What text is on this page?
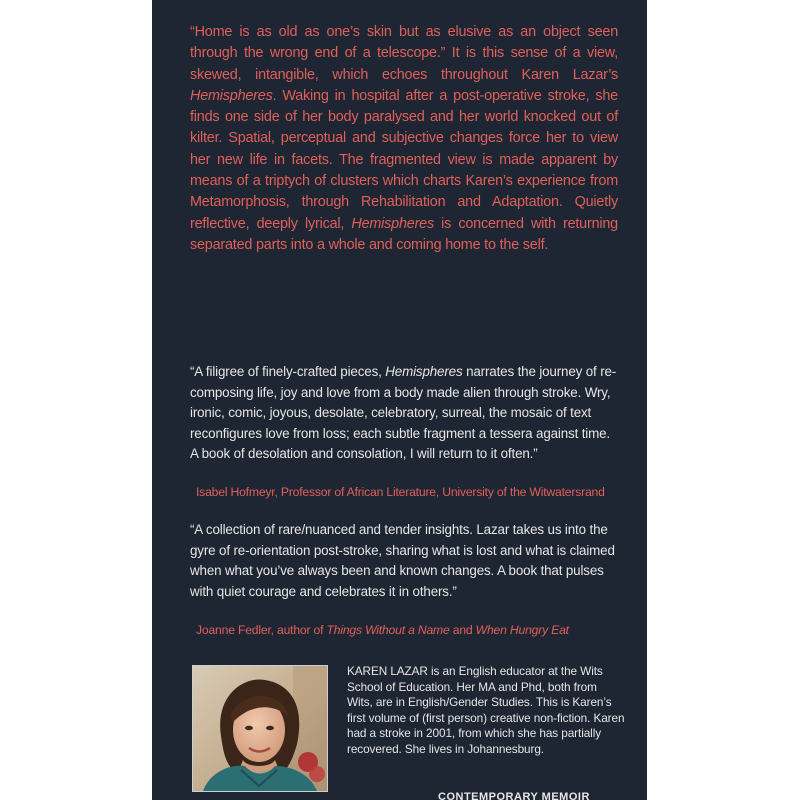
“Home is as old as one’s skin but as elusive as an object seen through the wrong end of a telescope.” It is this sense of a view, skewed, intangible, which echoes throughout Karen Lazar’s Hemispheres. Waking in hospital after a post-operative stroke, she finds one side of her body paralysed and her world knocked out of kilter. Spatial, perceptual and subjective changes force her to view her new life in facets. The fragmented view is made apparent by means of a triptych of clusters which charts Karen’s experience from Metamorphosis, through Rehabilitation and Adaptation. Quietly reflective, deeply lyrical, Hemispheres is concerned with returning separated parts into a whole and coming home to the self.

“A filigree of finely-crafted pieces, Hemispheres narrates the journey of re-composing life, joy and love from a body made alien through stroke. Wry, ironic, comic, joyous, desolate, celebratory, surreal, the mosaic of text reconfigures love from loss; each subtle fragment a tessera against time. A book of desolation and consolation, I will return to it often.”

Isabel Hofmeyr, Professor of African Literature, University of the Witwatersrand

“A collection of rare/nuanced and tender insights. Lazar takes us into the gyre of re-orientation post-stroke, sharing what is lost and what is claimed when what you’ve always been and known changes. A book that pulses with quiet courage and celebrates it in others.”

Joanne Fedler, author of Things Without a Name and When Hungry Eat

KAREN LAZAR is an English educator at the Wits School of Education. Her MA and Phd, both from Wits, are in English/Gender Studies. This is Karen’s first volume of (first person) creative non-fiction. Karen had a stroke in 2001, from which she has partially recovered. She lives in Johannesburg.

CONTEMPORARY MEMOIR
